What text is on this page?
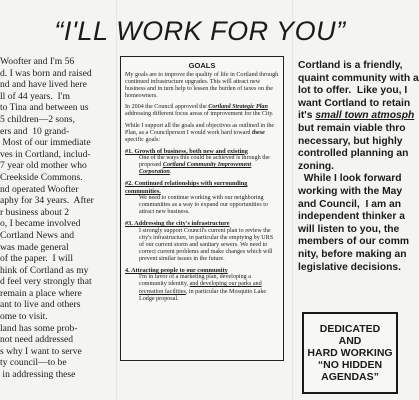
“I'LL WORK FOR YOU”
Woofter and I'm 56
d. I was born and raised
nd and have lived here
ll of 44 years.  I'm
to Tina and between us
5 children—2 sons,
ers and  10 grand-
Most of our immediate
ves in Cortland, includ-
7 year old mother who
Creekside Commons.
nd operated Woofter
aphy for 34 years.  After
r business about 2
o, I became involved
Cortland News and
was made general
of the paper.  I will
hink of Cortland as my
d feel very strongly that
remain a place where
ant to live and others
ome to visit.
land has some prob-
not need addressed
s why I want to serve
ty council—to be
in addressing these
GOALS

My goals are to improve the quality of life in Cortland through continued infrastructure upgrades. This will attract new business and in turn help to lessen the burden of taxes on the homeowners.

In 2004 the Council approved the Cortland Strategic Plan addressing different focus areas of improvement for the City.

While I support all the goals and objectives as outlined in the Plan, as a Councilperson I would work hard toward these specific goals:

#1. Growth of business, both new and existing

One of the ways this could be achieved is through the proposed Cortland Community Improvement Corporation.

#2. Continued relationships with surrounding communities.

We need to continue working with our neighboring communities as a way to expand our opportunities to attract new business.

#3. Addressing the city's infrastructure

I strongly support Council's current plan to review the city's infrastructure, in particular the emptying by URS of our current storm and sanitary sewers. We need to correct current problems and make changes which will prevent similar issues in the future.

4. Attracting people to our community

I'm in favor of a marketing plan, developing a community identity, and developing our parks and recreation facilities, in particular the Mosquito Lake Lodge proposal.

Cortland is a friendly,
quaint community with a
lot to offer.  Like you, I
want Cortland to retain
it's small town atmosph
but remain viable thro
necessary, but highly
controlled planning an
zoning.
While I look forward
working with the May
and Council,  I am an
independent thinker a
will listen to you, the
members of our comm
nity, before making an
legislative decisions.
DEDICATED
AND
HARD WORKING
“NO HIDDEN
AGENDAS”
